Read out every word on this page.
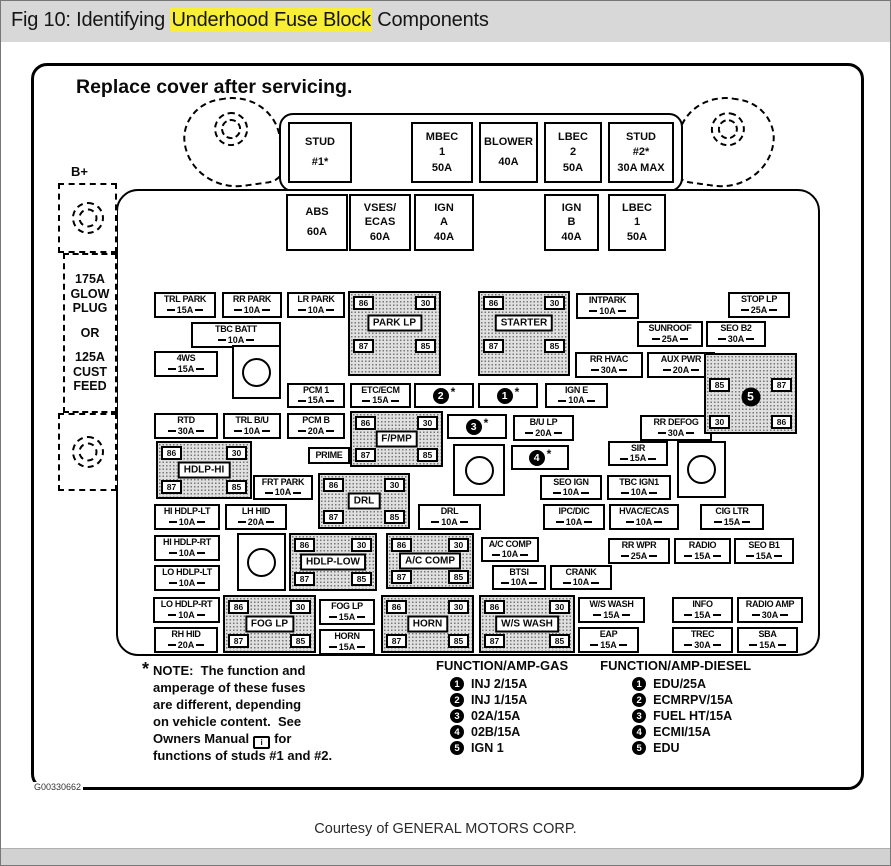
Fig 10: Identifying Underhood Fuse Block Components
Replace cover after servicing.
B+
175A
GLOW
PLUG
OR
125A
CUST
FEED
STUD
#1*
MBEC
1
50A
BLOWER
40A
LBEC
2
50A
STUD
#2*
30A MAX
ABS
60A
VSES/
ECAS
60A
IGN
A
40A
IGN
B
40A
LBEC
1
50A
TRL PARK
15A
RR PARK
10A
LR PARK
10A
INTPARK
10A
STOP LP
25A
TBC BATT
10A
SUNROOF
25A
SEO B2
30A
4WS
15A
RR HVAC
30A
AUX PWR
20A
PCM 1
15A
ETC/ECM
15A
IGN E
10A
RTD
30A
TRL B/U
10A
PCM B
20A
B/U LP
20A
RR DEFOG
30A
PRIME
SIR
15A
FRT PARK
10A
SEO IGN
10A
TBC IGN1
10A
HI HDLP-LT
10A
LH HID
20A
DRL
10A
IPC/DIC
10A
HVAC/ECAS
10A
CIG LTR
15A
HI HDLP-RT
10A
A/C COMP
10A
RR WPR
25A
RADIO
15A
SEO B1
15A
LO HDLP-LT
10A
BTSI
10A
CRANK
10A
LO HDLP-RT
10A
FOG LP
15A
W/S WASH
15A
INFO
15A
RADIO AMP
30A
RH HID
20A
HORN
15A
EAP
15A
TREC
30A
SBA
15A
2 *	1 *
3 *
4 *
86	30
87	85
PARK LP
86	30
87	85
STARTER
86	30
87	85
F/PMP
86	30
87	85
HDLP-HI
86	30
87	85
DRL
85	87
30	86
5
86	30
87	85
HDLP-LOW
86	30
87	85
A/C COMP
86	30
87	85
FOG LP
86	30
87	85
HORN
86	30
87	85
W/S WASH
* NOTE:  The function and
amperage of these fuses
are different, depending
on vehicle content.  See
Owners Manual i for
functions of studs #1 and #2.
FUNCTION/AMP-GAS
1 INJ 2/15A
2 INJ 1/15A
3 02A/15A
4 02B/15A
5 IGN 1
FUNCTION/AMP-DIESEL
1 EDU/25A
2 ECMRPV/15A
3 FUEL HT/15A
4 ECMI/15A
5 EDU
G00330662
Courtesy of GENERAL MOTORS CORP.
